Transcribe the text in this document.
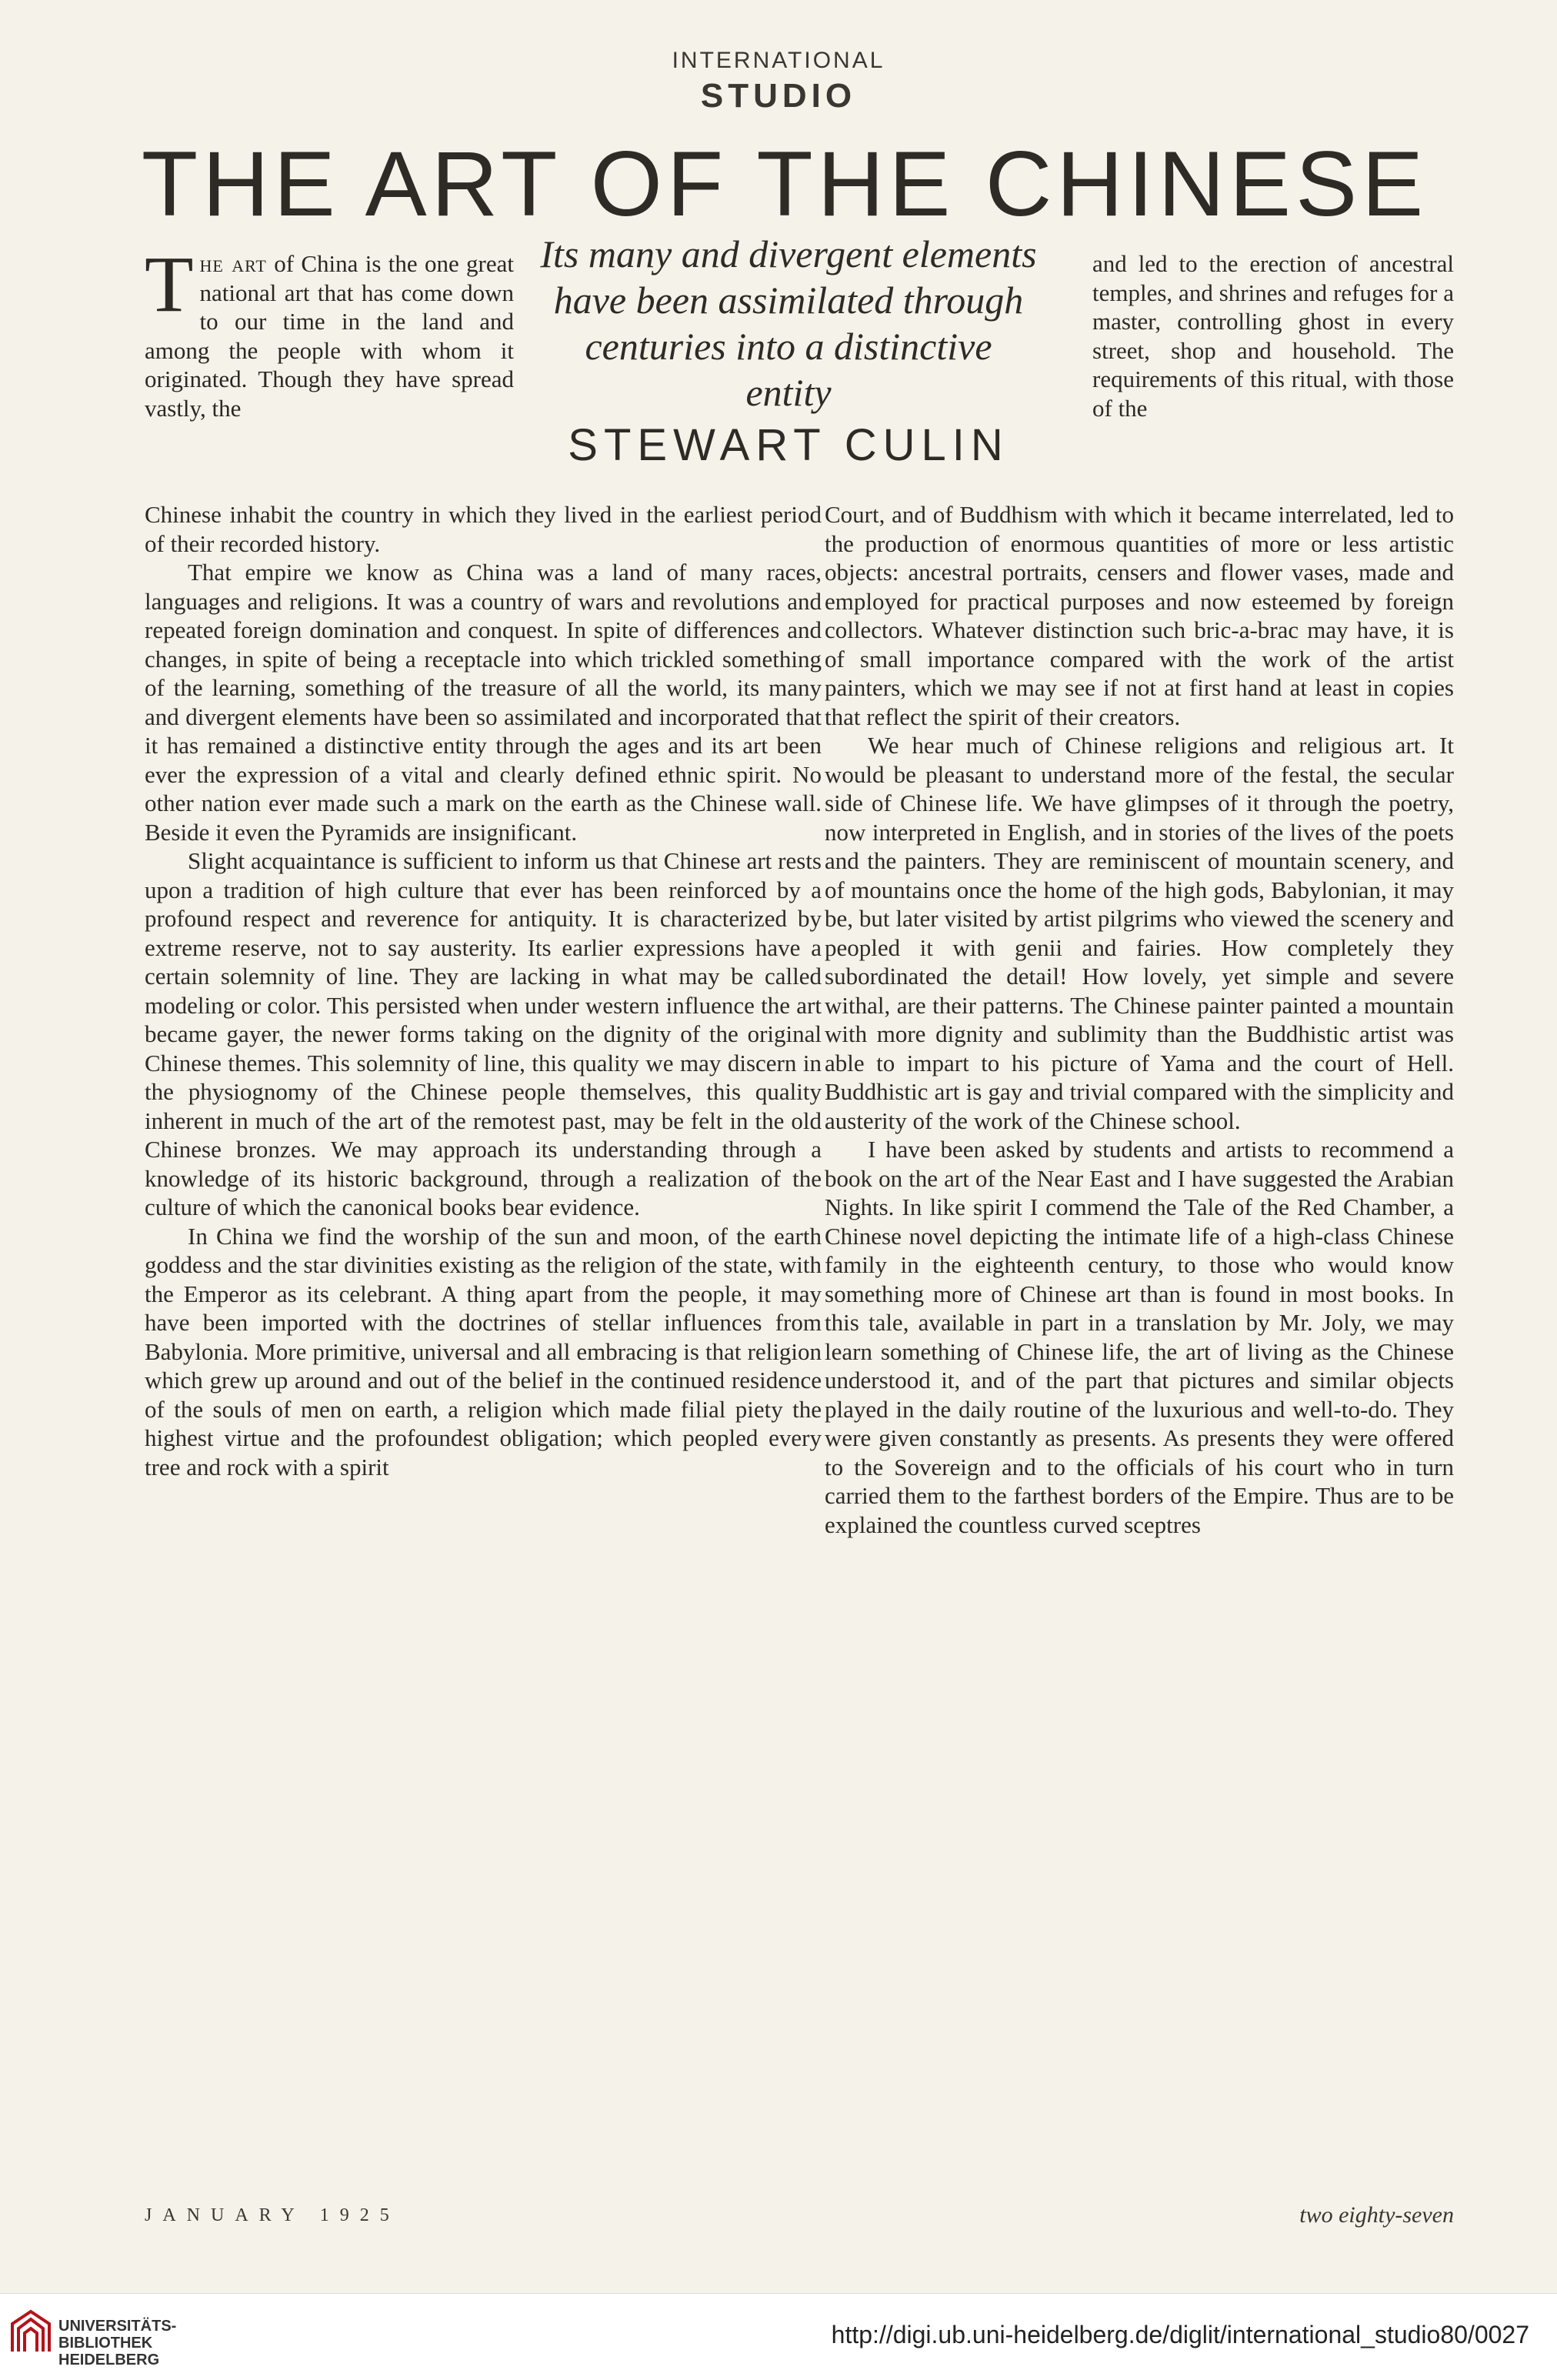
INTERNATIONAL
STUDIO
THE ART OF THE CHINESE
The art of China is the one great national art that has come down to our time in the land and among the people with whom it originated. Though they have spread vastly, the
Its many and divergent elements have been assimilated through centuries into a distinctive entity
STEWART CULIN

and led to the erection of ancestral temples, and shrines and refuges for a master, controlling ghost in every street, shop and household. The requirements of this ritual, with those of the

Chinese inhabit the country in which they lived in the earliest period of their recorded history.

That empire we know as China was a land of many races, languages and religions. It was a country of wars and revolutions and repeated foreign domination and conquest. In spite of differences and changes, in spite of being a receptacle into which trickled something of the learning, something of the treasure of all the world, its many and divergent elements have been so assimilated and incorporated that it has remained a distinctive entity through the ages and its art been ever the expression of a vital and clearly defined ethnic spirit. No other nation ever made such a mark on the earth as the Chinese wall. Beside it even the Pyramids are insignificant.

Slight acquaintance is sufficient to inform us that Chinese art rests upon a tradition of high culture that ever has been reinforced by a profound respect and reverence for antiquity. It is characterized by extreme reserve, not to say austerity. Its earlier expressions have a certain solemnity of line. They are lacking in what may be called modeling or color. This persisted when under western influence the art became gayer, the newer forms taking on the dignity of the original Chinese themes. This solemnity of line, this quality we may discern in the physiognomy of the Chinese people themselves, this quality inherent in much of the art of the remotest past, may be felt in the old Chinese bronzes. We may approach its understanding through a knowledge of its historic background, through a realization of the culture of which the canonical books bear evidence.

In China we find the worship of the sun and moon, of the earth goddess and the star divinities existing as the religion of the state, with the Emperor as its celebrant. A thing apart from the people, it may have been imported with the doctrines of stellar influences from Babylonia. More primitive, universal and all embracing is that religion which grew up around and out of the belief in the continued residence of the souls of men on earth, a religion which made filial piety the highest virtue and the profoundest obligation; which peopled every tree and rock with a spirit

Court, and of Buddhism with which it became interrelated, led to the production of enormous quantities of more or less artistic objects: ancestral portraits, censers and flower vases, made and employed for practical purposes and now esteemed by foreign collectors. Whatever distinction such bric-a-brac may have, it is of small importance compared with the work of the artist painters, which we may see if not at first hand at least in copies that reflect the spirit of their creators.

We hear much of Chinese religions and religious art. It would be pleasant to understand more of the festal, the secular side of Chinese life. We have glimpses of it through the poetry, now interpreted in English, and in stories of the lives of the poets and the painters. They are reminiscent of mountain scenery, and of mountains once the home of the high gods, Babylonian, it may be, but later visited by artist pilgrims who viewed the scenery and peopled it with genii and fairies. How completely they subordinated the detail! How lovely, yet simple and severe withal, are their patterns. The Chinese painter painted a mountain with more dignity and sublimity than the Buddhistic artist was able to impart to his picture of Yama and the court of Hell. Buddhistic art is gay and trivial compared with the simplicity and austerity of the work of the Chinese school.

I have been asked by students and artists to recommend a book on the art of the Near East and I have suggested the Arabian Nights. In like spirit I commend the Tale of the Red Chamber, a Chinese novel depicting the intimate life of a high-class Chinese family in the eighteenth century, to those who would know something more of Chinese art than is found in most books. In this tale, available in part in a translation by Mr. Joly, we may learn something of Chinese life, the art of living as the Chinese understood it, and of the part that pictures and similar objects played in the daily routine of the luxurious and well-to-do. They were given constantly as presents. As presents they were offered to the Sovereign and to the officials of his court who in turn carried them to the farthest borders of the Empire. Thus are to be explained the countless curved sceptres

JANUARY 1925	two eighty-seven
UNIVERSITÄTS-
BIBLIOTHEK
HEIDELBERG
http://digi.ub.uni-heidelberg.de/diglit/international_studio80/0027
